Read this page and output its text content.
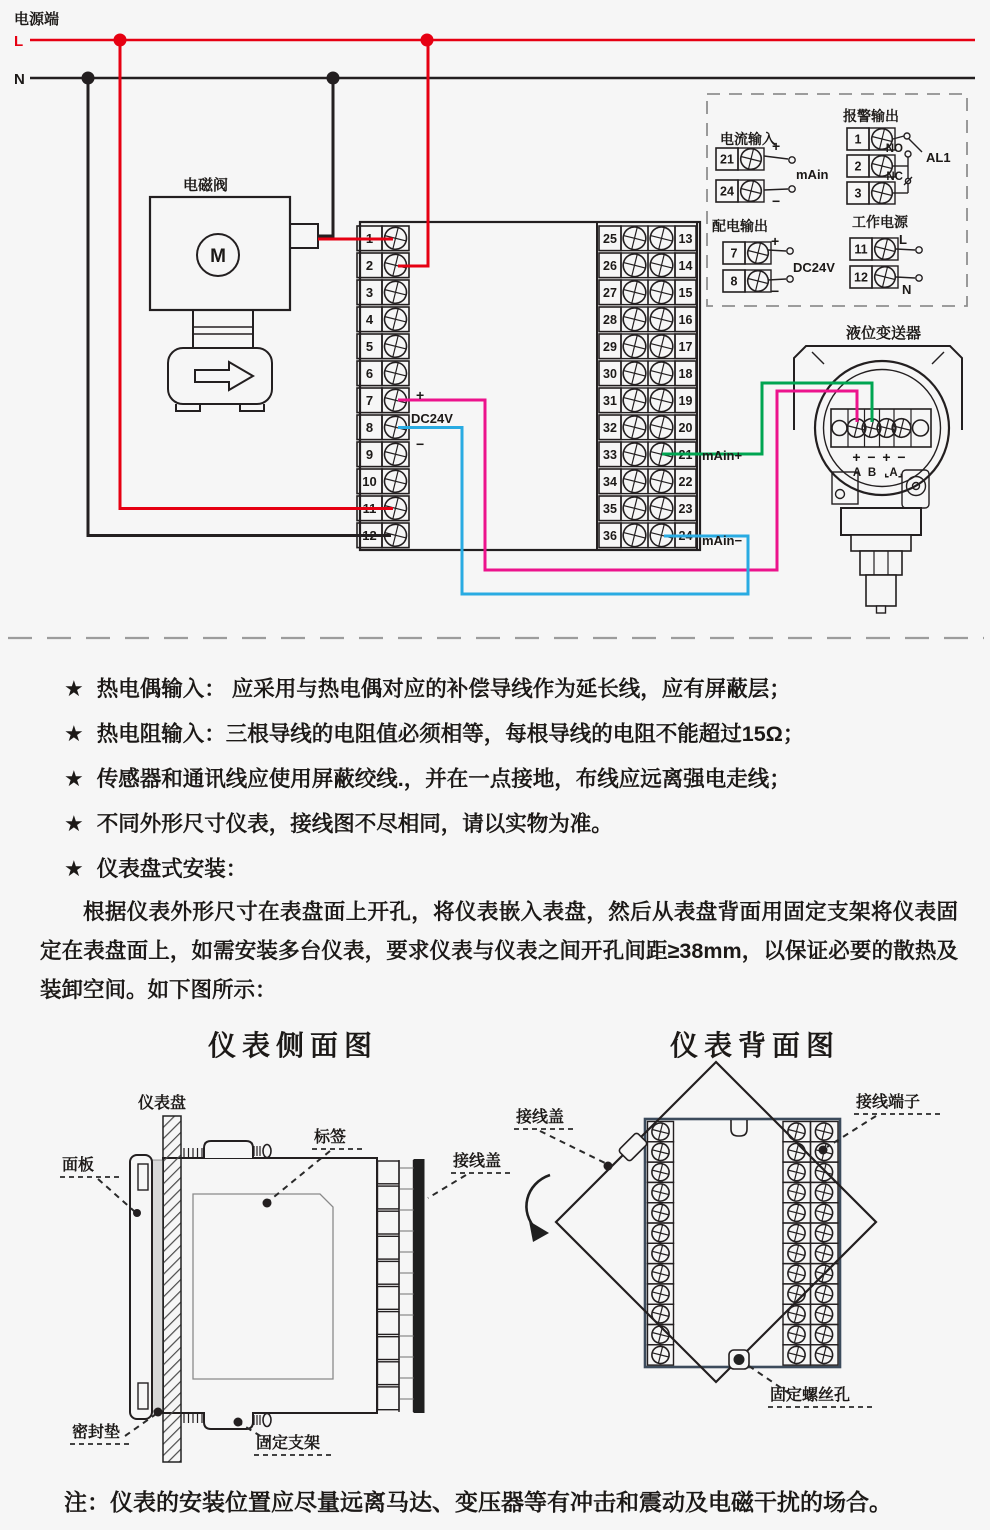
电源端
L
N
电磁阀
M
1
2
3
4
5
6
7
8
9
10
11
12
25	13
26	14
27	15
28	16
29	17
30	18
31	19
32	20
33	21
34	22
35	23
36	24
电流输入
报警输出
配电输出	工作电源
21
24
1
2
3
7
8
11
12
+
−
mAin
AL1
NO
NC
+
−
DC24V
L
N
液位变送器
+ − + −
A B ⌞A⌟
+
DC24V
−
mAin+
mAin−
★ 热电偶输入： 应采用与热电偶对应的补偿导线作为延长线，应有屏蔽层；
★ 热电阻输入：三根导线的电阻值必须相等，每根导线的电阻不能超过15Ω；
★ 传感器和通讯线应使用屏蔽绞线.，并在一点接地，布线应远离强电走线；
★ 不同外形尺寸仪表，接线图不尽相同，请以实物为准。
★ 仪表盘式安装：
根据仪表外形尺寸在表盘面上开孔，将仪表嵌入表盘，然后从表盘背面用固定支架将仪表固定在表盘面上，如需安装多台仪表，要求仪表与仪表之间开孔间距≥38mm，以保证必要的散热及装卸空间。如下图所示：
仪表侧面图	仪表背面图
仪表盘
面板
标签
接线盖
密封垫
固定支架
接线盖
接线端子
固定螺丝孔
注：仪表的安装位置应尽量远离马达、变压器等有冲击和震动及电磁干扰的场合。
